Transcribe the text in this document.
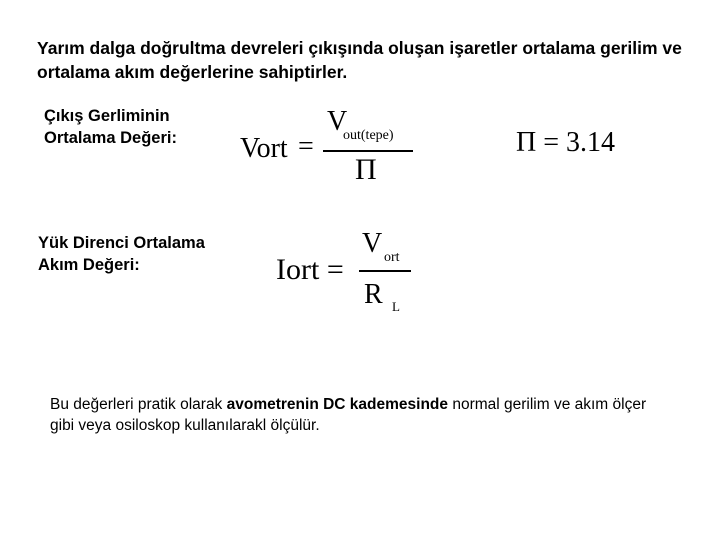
Yarım dalga doğrultma devreleri çıkışında oluşan işaretler ortalama gerilim ve ortalama akım değerlerine sahiptirler.
Çıkış Gerliminin
Ortalama Değeri: Vort =
V
out(tepe)
Π
Π = 3.14
Yük Direnci Ortalama
Akım Değeri:	Iort =
V ort
R L
Bu değerleri pratik olarak avometrenin DC kademesinde normal gerilim ve akım ölçer gibi veya osiloskop kullanılarakl ölçülür.
